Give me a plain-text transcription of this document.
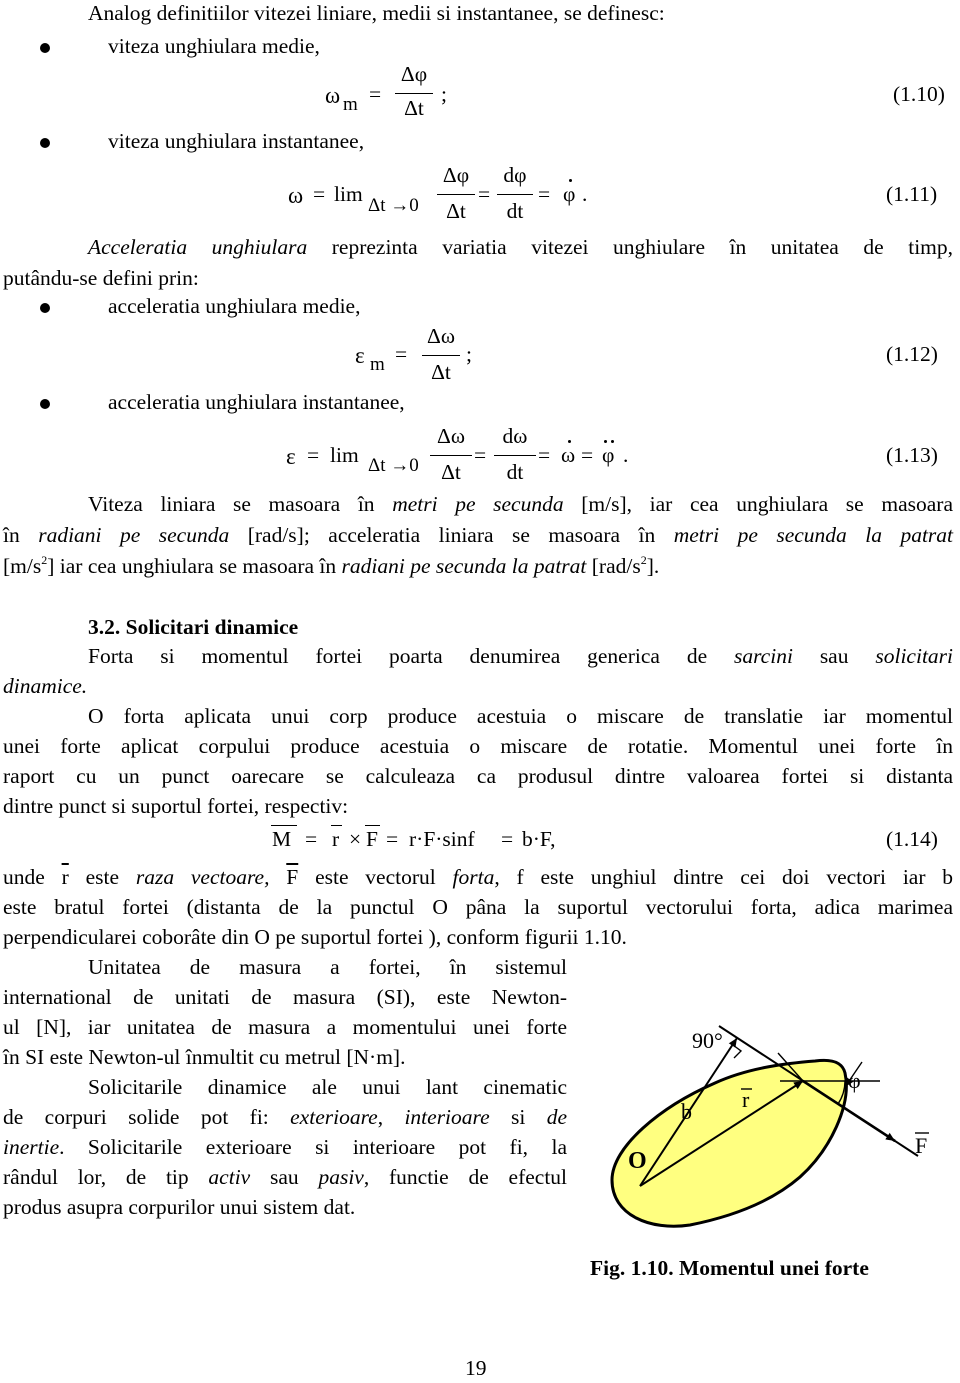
Analog definitiilor vitezei liniare, medii si instantanee, se definesc:
viteza unghiulara medie,
ω m =
Δφ
Δt
;	(1.10)
viteza unghiulara instantanee,
ω = lim Δt →0
Δφ
Δt
=
dφ
dt
= φ .	(1.11)
Acceleratia unghiulara reprezinta variatia vitezei unghiulare în unitatea de timp,
putându-se defini prin:
acceleratia unghiulara medie,
ε m =
Δω
Δt
;	(1.12)
acceleratia unghiulara instantanee,
ε = lim Δt →0
Δω
Δt
=
dω
dt
= ω = φ .	(1.13)
Viteza liniara se masoara în metri pe secunda [m/s], iar cea unghiulara se masoara
în radiani pe secunda [rad/s]; acceleratia liniara se masoara în metri pe secunda la patrat
$[m/s^2]$ iar cea unghiulara se masoara în radiani pe secunda la patrat $[rad/s^2]$.
3.2. Solicitari dinamice
Forta si momentul fortei poarta denumirea generica de sarcini sau solicitari
dinamice.
O forta aplicata unui corp produce acestuia o miscare de translatie iar momentul
unei forte aplicat corpului produce acestuia o miscare de rotatie. Momentul unei forte în
raport cu un punct oarecare se calculeaza ca produsul dintre valoarea fortei si distanta
dintre punct si suportul fortei, respectiv:
M = r × F = r·F·sinf = b·F,	(1.14)
unde $\overline{r}$ este raza vectoare, $\overline{F}$ este vectorul forta, f este unghiul dintre cei doi vectori iar b
este bratul fortei (distanta de la punctul O pâna la suportul vectorului forta, adica marimea
perpendicularei coborâte din O pe suportul fortei ), conform figurii 1.10.
Unitatea de masura a fortei, în sistemul
international de unitati de masura (SI), este Newton-
ul [N], iar unitatea de masura a momentului unei forte
în SI este Newton-ul înmultit cu metrul [N·m].
Solicitarile dinamice ale unui lant cinematic
de corpuri solide pot fi: exterioare, interioare si de
inertie. Solicitarile exterioare si interioare pot fi, la
rândul lor, de tip activ sau pasiv, functie de efectul
produs asupra corpurilor unui sistem dat.
90°
φ
b r
O
F
Fig. 1.10. Momentul unei forte
19
